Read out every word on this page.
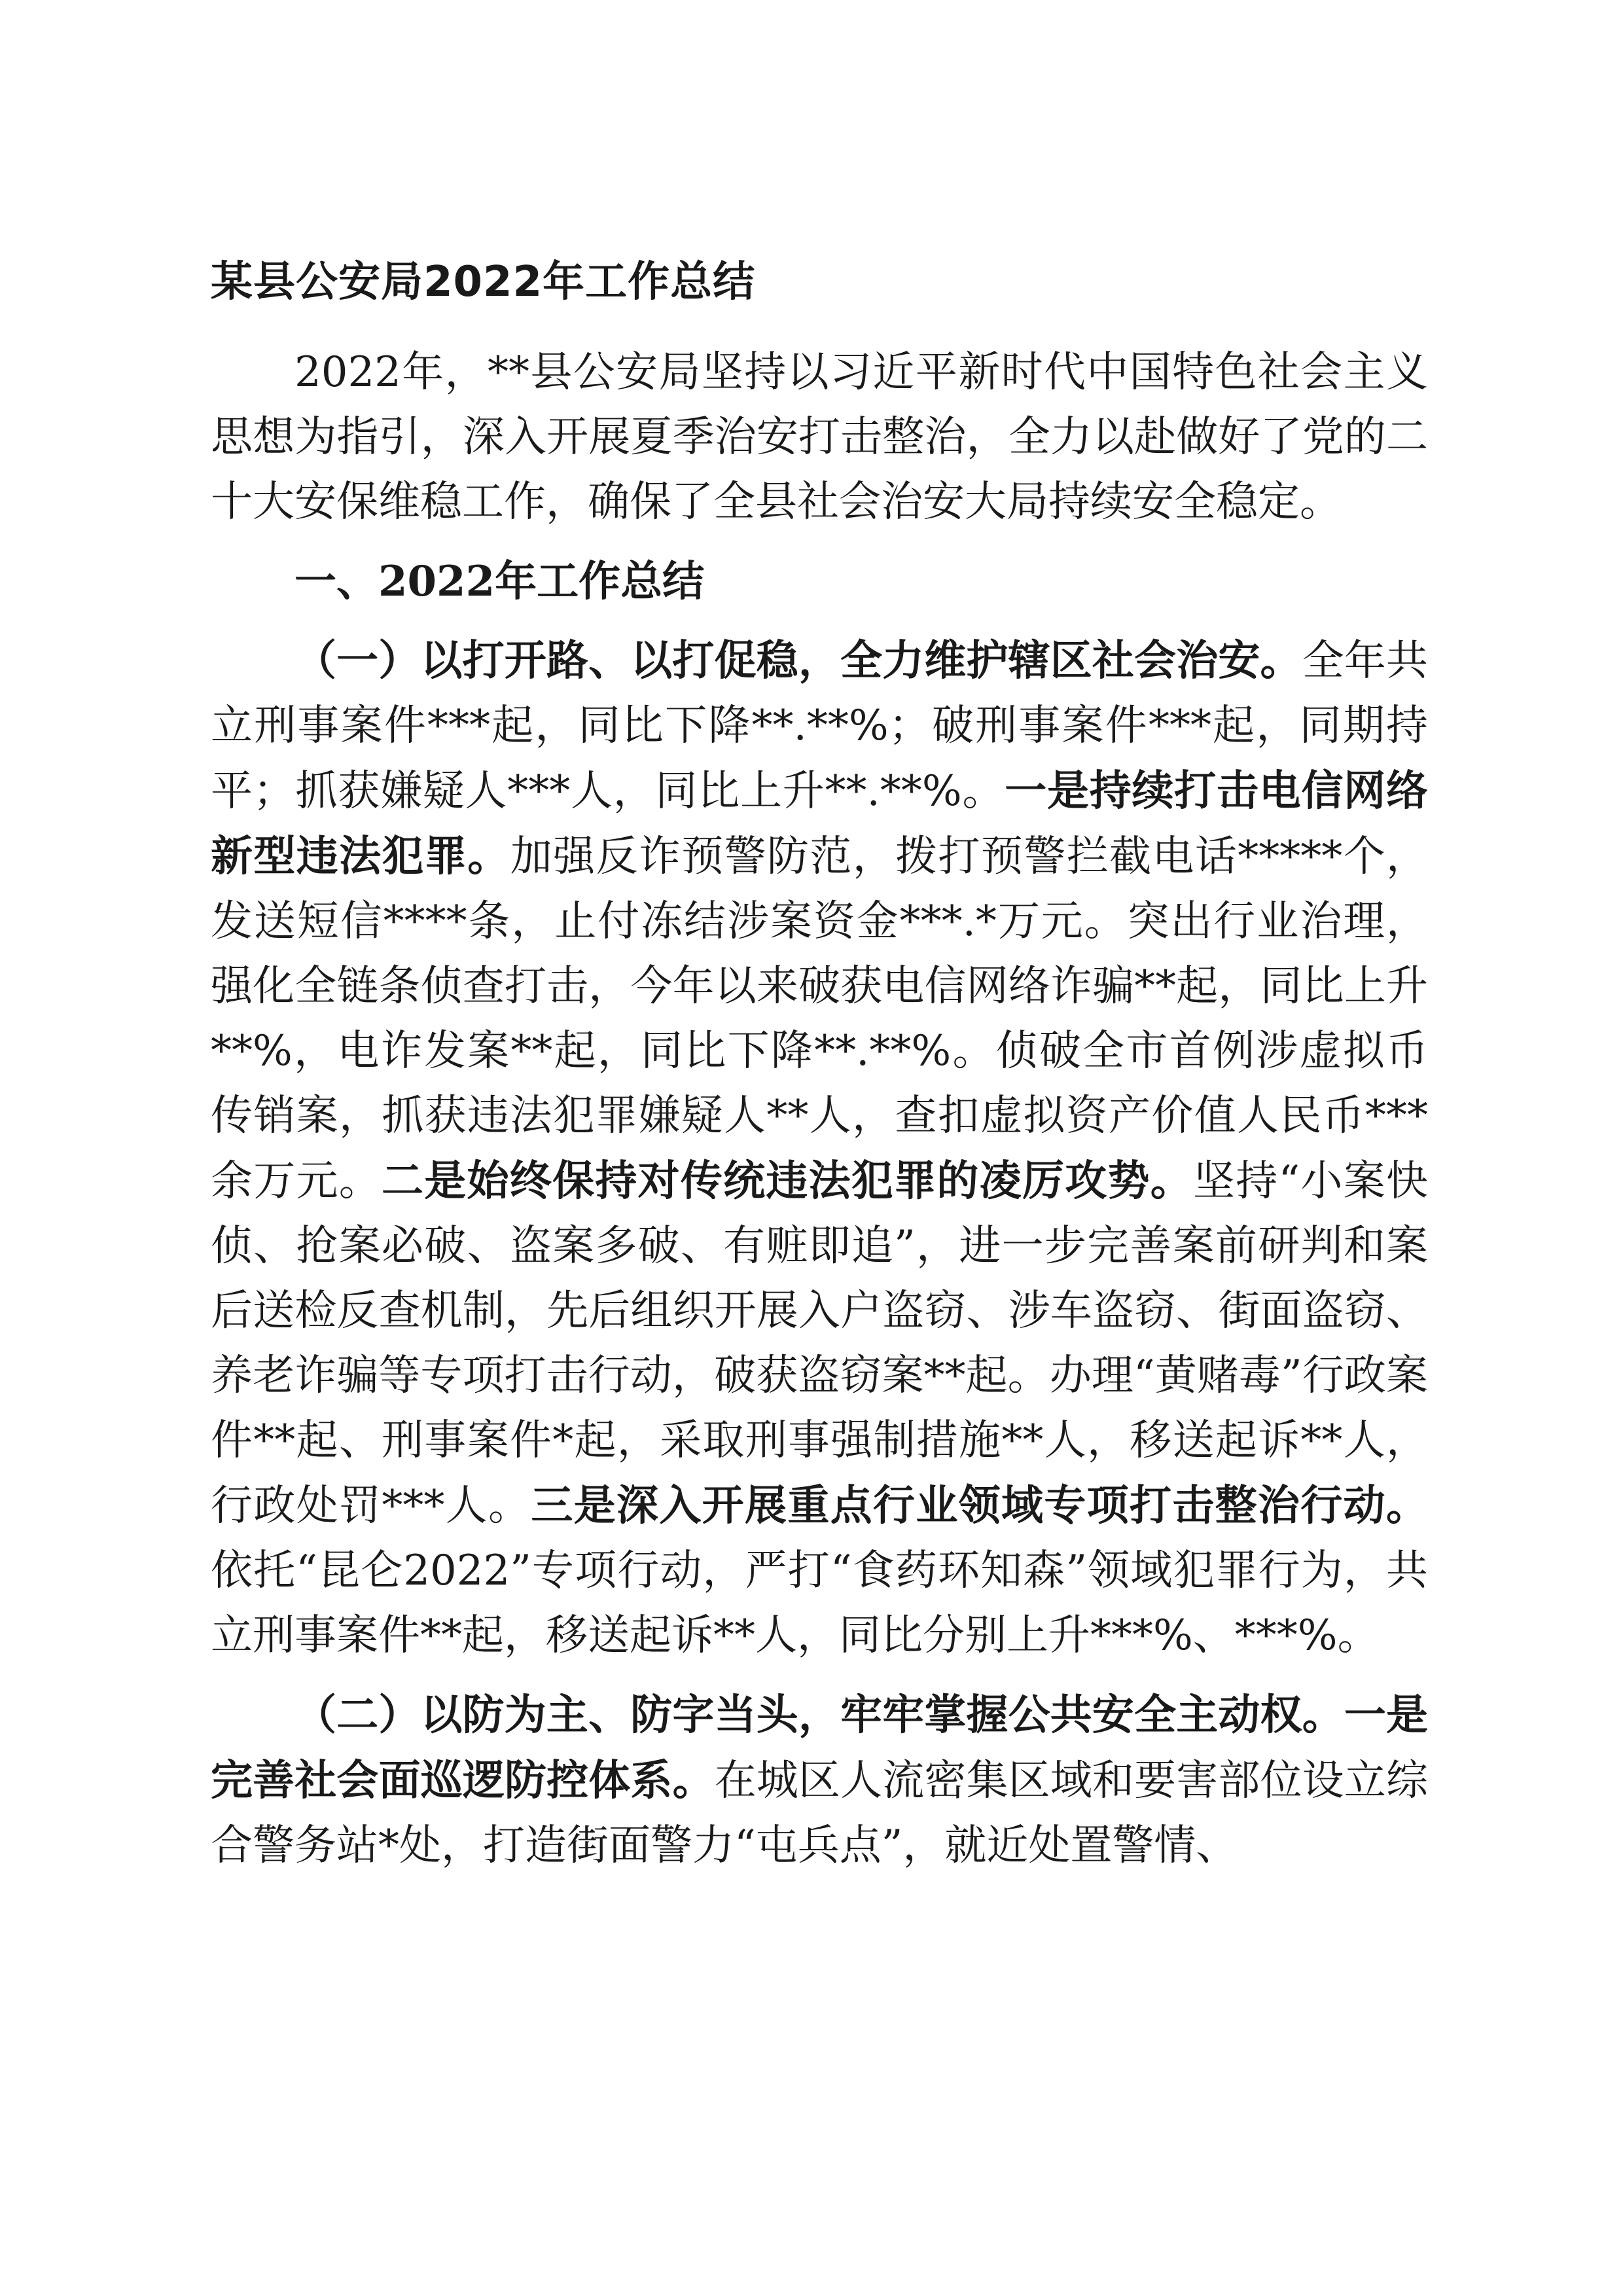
某县公安局2022年工作总结

2022年，**县公安局坚持以习近平新时代中国特色社会主义思想为指引，深入开展夏季治安打击整治，全力以赴做好了党的二十大安保维稳工作，确保了全县社会治安大局持续安全稳定。

一、2022年工作总结

（一）以打开路、以打促稳，全力维护辖区社会治安。全年共立刑事案件***起，同比下降**.**%；破刑事案件***起，同期持平；抓获嫌疑人***人，同比上升**.**%。一是持续打击电信网络新型违法犯罪。加强反诈预警防范，拨打预警拦截电话*****个，发送短信****条，止付冻结涉案资金***.*万元。突出行业治理，强化全链条侦查打击，今年以来破获电信网络诈骗**起，同比上升**%，电诈发案**起，同比下降**.**%。侦破全市首例涉虚拟币传销案，抓获违法犯罪嫌疑人**人，查扣虚拟资产价值人民币***余万元。二是始终保持对传统违法犯罪的凌厉攻势。坚持“小案快侦、抢案必破、盗案多破、有赃即追”，进一步完善案前研判和案后送检反查机制，先后组织开展入户盗窃、涉车盗窃、街面盗窃、养老诈骗等专项打击行动，破获盗窃案**起。办理“黄赌毒”行政案件**起、刑事案件*起，采取刑事强制措施**人，移送起诉**人，行政处罚***人。三是深入开展重点行业领域专项打击整治行动。依托“昆仑2022”专项行动，严打“食药环知森”领域犯罪行为，共立刑事案件**起，移送起诉**人，同比分别上升***%、***%。

（二）以防为主、防字当头，牢牢掌握公共安全主动权。一是完善社会面巡逻防控体系。在城区人流密集区域和要害部位设立综合警务站*处，打造街面警力“屯兵点”，就近处置警情、
